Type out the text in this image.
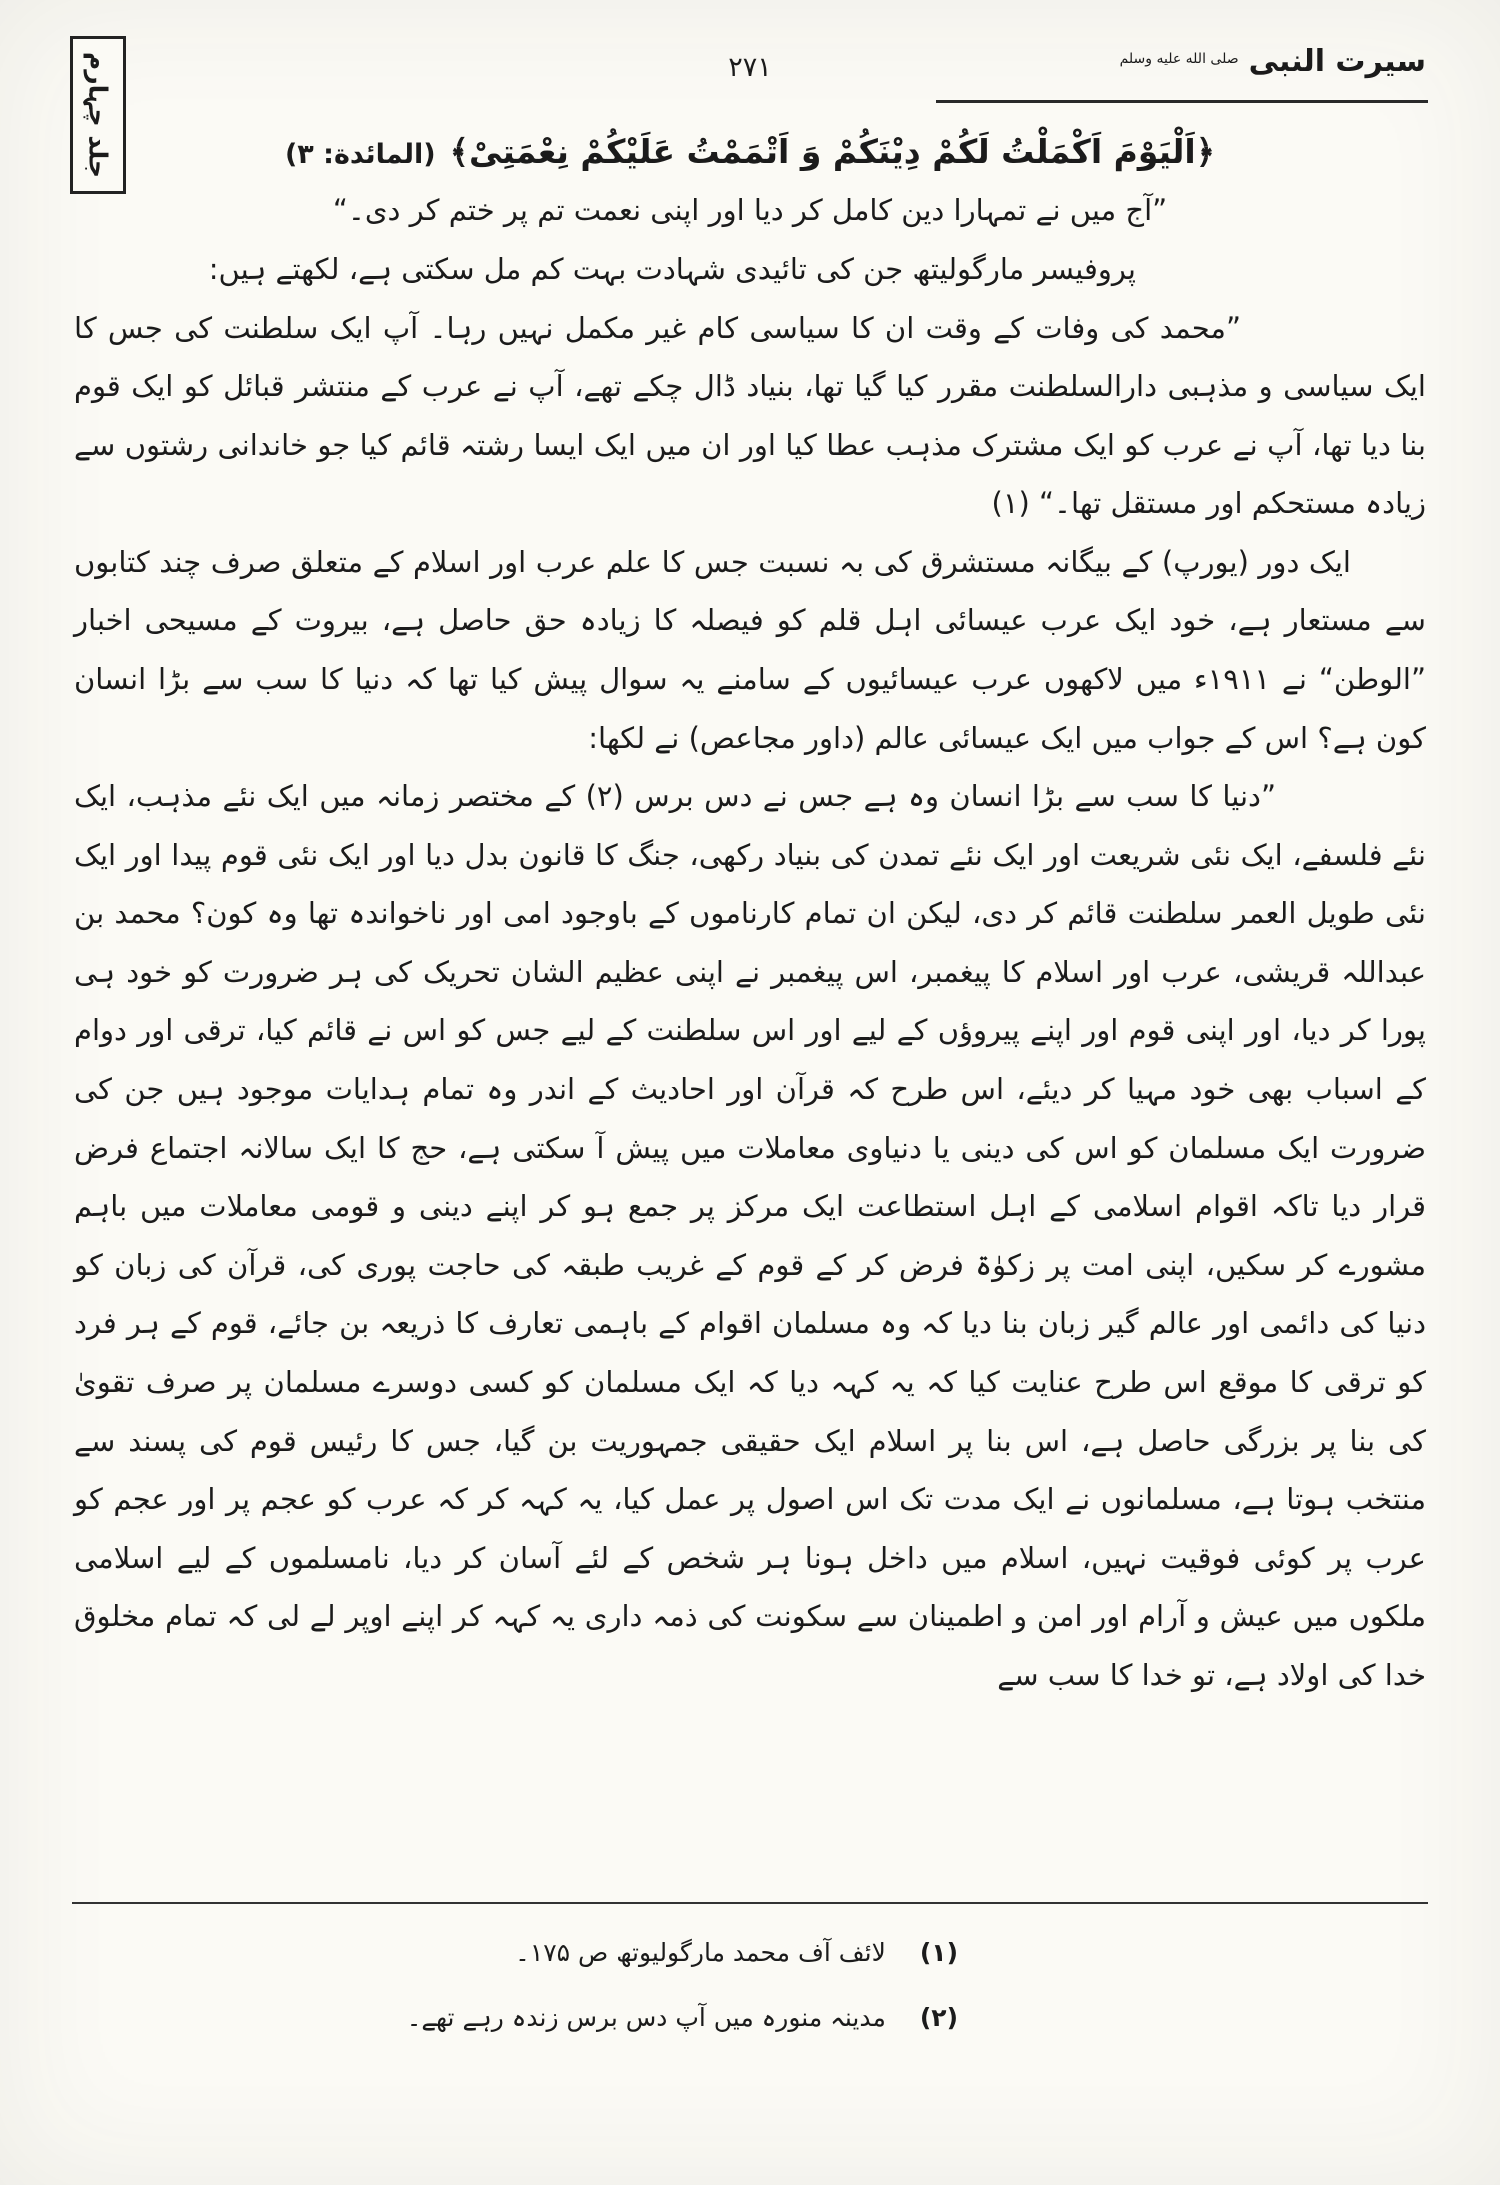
سیرت النبیصلى الله عليه وسلم
۲۷۱
جلد چہارم	﴿اَلْیَوْمَ اَکْمَلْتُ لَکُمْ دِیْنَکُمْ وَ اَتْمَمْتُ عَلَیْکُمْ نِعْمَتِیْ﴾(المائدة: ۳)

”آج میں نے تمہارا دین کامل کر دیا اور اپنی نعمت تم پر ختم کر دی۔“

پروفیسر مارگولیتھ جن کی تائیدی شہادت بہت کم مل سکتی ہے، لکھتے ہیں:

”محمد کی وفات کے وقت ان کا سیاسی کام غیر مکمل نہیں رہا۔ آپ ایک سلطنت کی جس کا ایک سیاسی و مذہبی دارالسلطنت مقرر کیا گیا تھا، بنیاد ڈال چکے تھے، آپ نے عرب کے منتشر قبائل کو ایک قوم بنا دیا تھا، آپ نے عرب کو ایک مشترک مذہب عطا کیا اور ان میں ایک ایسا رشتہ قائم کیا جو خاندانی رشتوں سے زیادہ مستحکم اور مستقل تھا۔“ (۱)

ایک دور (یورپ) کے بیگانہ مستشرق کی بہ نسبت جس کا علم عرب اور اسلام کے متعلق صرف چند کتابوں سے مستعار ہے، خود ایک عرب عیسائی اہل قلم کو فیصلہ کا زیادہ حق حاصل ہے، بیروت کے مسیحی اخبار ”الوطن“ نے ۱۹۱۱ء میں لاکھوں عرب عیسائیوں کے سامنے یہ سوال پیش کیا تھا کہ دنیا کا سب سے بڑا انسان کون ہے؟ اس کے جواب میں ایک عیسائی عالم (داور مجاعص) نے لکھا:

”دنیا کا سب سے بڑا انسان وہ ہے جس نے دس برس (۲) کے مختصر زمانہ میں ایک نئے مذہب، ایک نئے فلسفے، ایک نئی شریعت اور ایک نئے تمدن کی بنیاد رکھی، جنگ کا قانون بدل دیا اور ایک نئی قوم پیدا اور ایک نئی طویل العمر سلطنت قائم کر دی، لیکن ان تمام کارناموں کے باوجود امی اور ناخواندہ تھا وہ کون؟ محمد بن عبداللہ قریشی، عرب اور اسلام کا پیغمبر، اس پیغمبر نے اپنی عظیم الشان تحریک کی ہر ضرورت کو خود ہی پورا کر دیا، اور اپنی قوم اور اپنے پیروؤں کے لیے اور اس سلطنت کے لیے جس کو اس نے قائم کیا، ترقی اور دوام کے اسباب بھی خود مہیا کر دیئے، اس طرح کہ قرآن اور احادیث کے اندر وہ تمام ہدایات موجود ہیں جن کی ضرورت ایک مسلمان کو اس کی دینی یا دنیاوی معاملات میں پیش آ سکتی ہے، حج کا ایک سالانہ اجتماع فرض قرار دیا تاکہ اقوام اسلامی کے اہل استطاعت ایک مرکز پر جمع ہو کر اپنے دینی و قومی معاملات میں باہم مشورے کر سکیں، اپنی امت پر زکوٰۃ فرض کر کے قوم کے غریب طبقہ کی حاجت پوری کی، قرآن کی زبان کو دنیا کی دائمی اور عالم گیر زبان بنا دیا کہ وہ مسلمان اقوام کے باہمی تعارف کا ذریعہ بن جائے، قوم کے ہر فرد کو ترقی کا موقع اس طرح عنایت کیا کہ یہ کہہ دیا کہ ایک مسلمان کو کسی دوسرے مسلمان پر صرف تقویٰ کی بنا پر بزرگی حاصل ہے، اس بنا پر اسلام ایک حقیقی جمہوریت بن گیا، جس کا رئیس قوم کی پسند سے منتخب ہوتا ہے، مسلمانوں نے ایک مدت تک اس اصول پر عمل کیا، یہ کہہ کر کہ عرب کو عجم پر اور عجم کو عرب پر کوئی فوقیت نہیں، اسلام میں داخل ہونا ہر شخص کے لئے آسان کر دیا، نامسلموں کے لیے اسلامی ملکوں میں عیش و آرام اور امن و اطمینان سے سکونت کی ذمہ داری یہ کہہ کر اپنے اوپر لے لی کہ تمام مخلوق خدا کی اولاد ہے، تو خدا کا سب سے

(۱)
لائف آف محمد مارگولیوتھ ص ۱۷۵۔
(۲)
مدینہ منورہ میں آپ دس برس زندہ رہے تھے۔
